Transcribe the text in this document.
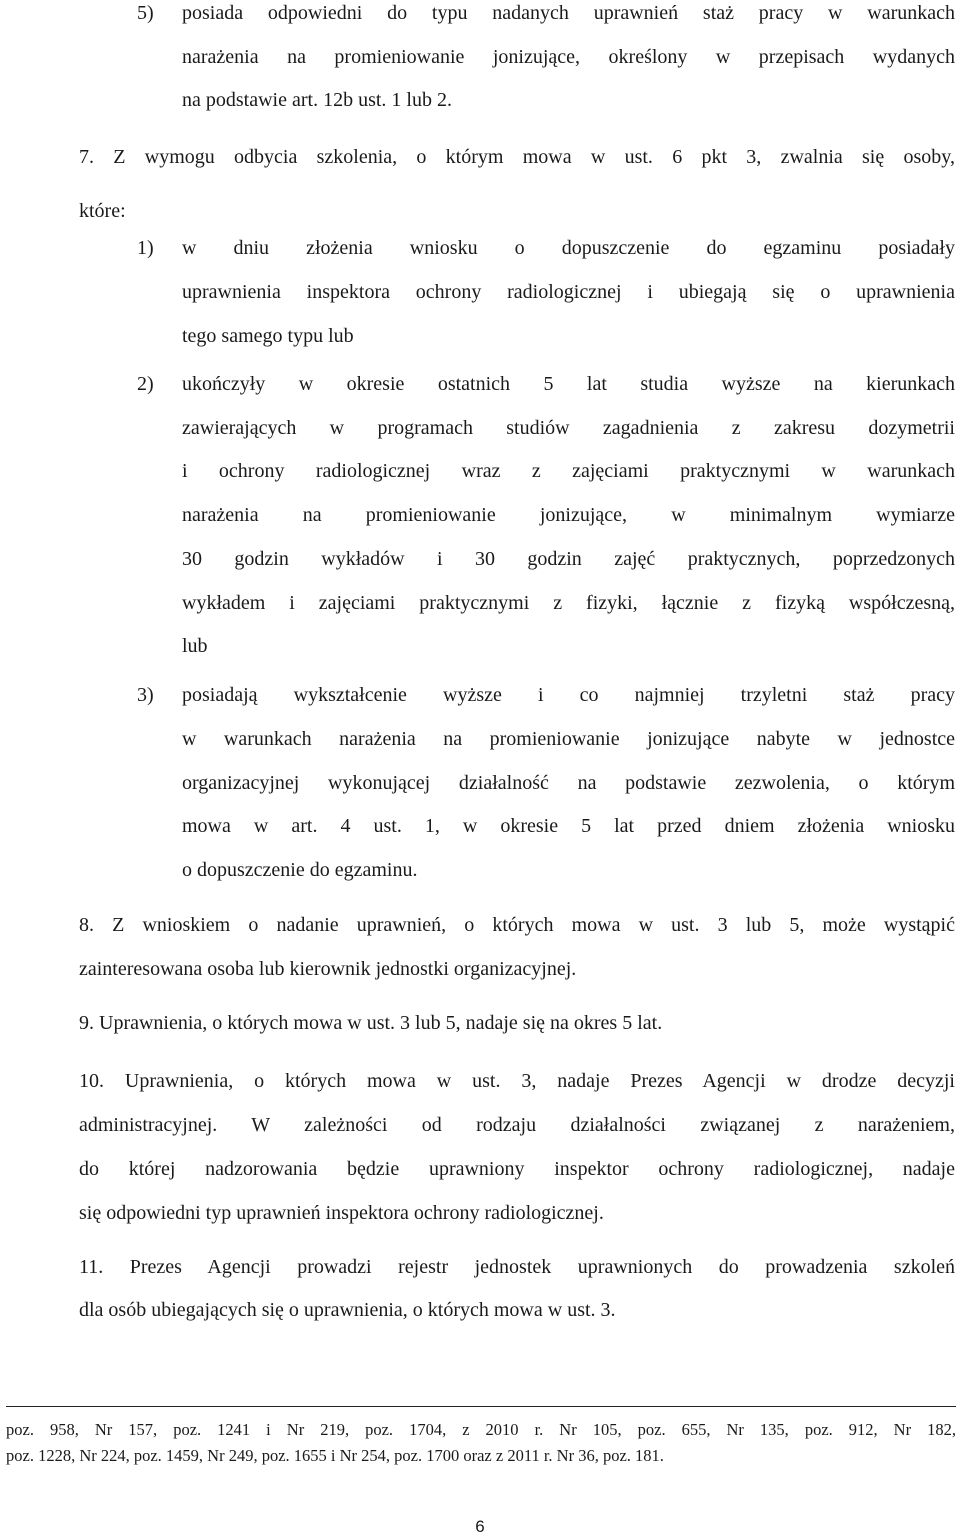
5) posiada odpowiedni do typu nadanych uprawnień staż pracy w warunkach
narażenia na promieniowanie jonizujące, określony w przepisach wydanych
na podstawie art. 12b ust. 1 lub 2.
7. Z wymogu odbycia szkolenia, o którym mowa w ust. 6 pkt 3, zwalnia się osoby,
które:
1) w dniu złożenia wniosku o dopuszczenie do egzaminu posiadały
uprawnienia inspektora ochrony radiologicznej i ubiegają się o uprawnienia
tego samego typu lub
2) ukończyły w okresie ostatnich 5 lat studia wyższe na kierunkach
zawierających w programach studiów zagadnienia z zakresu dozymetrii
i ochrony radiologicznej wraz z zajęciami praktycznymi w warunkach
narażenia na promieniowanie jonizujące, w minimalnym wymiarze
30 godzin wykładów i 30 godzin zajęć praktycznych, poprzedzonych
wykładem i zajęciami praktycznymi z fizyki, łącznie z fizyką współczesną,
lub
3) posiadają wykształcenie wyższe i co najmniej trzyletni staż pracy
w warunkach narażenia na promieniowanie jonizujące nabyte w jednostce
organizacyjnej wykonującej działalność na podstawie zezwolenia, o którym
mowa w art. 4 ust. 1, w okresie 5 lat przed dniem złożenia wniosku
o dopuszczenie do egzaminu.
8. Z wnioskiem o nadanie uprawnień, o których mowa w ust. 3 lub 5, może wystąpić
zainteresowana osoba lub kierownik jednostki organizacyjnej.
9. Uprawnienia, o których mowa w ust. 3 lub 5, nadaje się na okres 5 lat.
10. Uprawnienia, o których mowa w ust. 3, nadaje Prezes Agencji w drodze decyzji
administracyjnej. W zależności od rodzaju działalności związanej z narażeniem,
do której nadzorowania będzie uprawniony inspektor ochrony radiologicznej, nadaje
się odpowiedni typ uprawnień inspektora ochrony radiologicznej.
11. Prezes Agencji prowadzi rejestr jednostek uprawnionych do prowadzenia szkoleń
dla osób ubiegających się o uprawnienia, o których mowa w ust. 3.
poz. 958, Nr 157, poz. 1241 i Nr 219, poz. 1704, z 2010 r. Nr 105, poz. 655, Nr 135, poz. 912, Nr 182,
poz. 1228, Nr 224, poz. 1459, Nr 249, poz. 1655 i Nr 254, poz. 1700 oraz z 2011 r. Nr 36, poz. 181.
6
